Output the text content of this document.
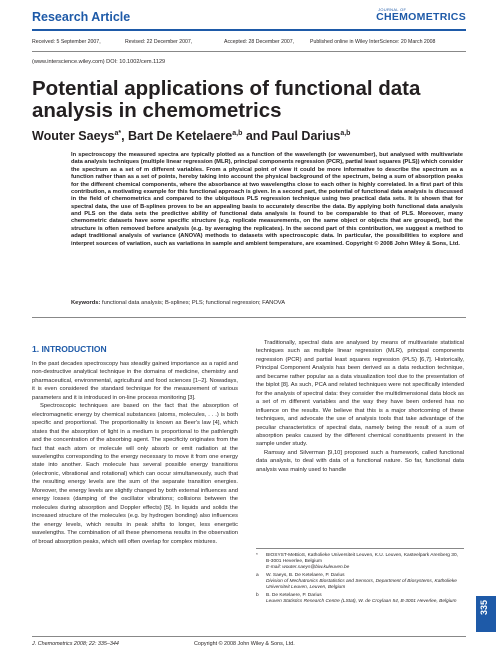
Research Article
JOURNAL OF
CHEMOMETRICS
Received: 5 September 2007,	Revised: 22 December 2007,	Accepted: 28 December 2007,	Published online in Wiley InterScience: 20 March 2008
(www.interscience.wiley.com) DOI: 10.1002/cem.1129
Potential applications of functional data analysis in chemometrics
Wouter Saeys$^{a*}$, Bart De Ketelaere$^{a,b}$ and Paul Darius$^{a,b}$

In spectroscopy the measured spectra are typically plotted as a function of the wavelength (or wavenumber), but analysed with multivariate data analysis techniques (multiple linear regression (MLR), principal components regression (PCR), partial least squares (PLS)) which consider the spectrum as a set of m different variables. From a physical point of view it could be more informative to describe the spectrum as a function rather than as a set of points, hereby taking into account the physical background of the spectrum, being a sum of absorption peaks for the different chemical components, where the absorbance at two wavelengths close to each other is highly correlated. In a first part of this contribution, a motivating example for this functional approach is given. In a second part, the potential of functional data analysis is discussed in the field of chemometrics and compared to the ubiquitous PLS regression technique using two practical data sets. It is shown that for spectral data, the use of B-splines proves to be an appealing basis to accurately describe the data. By applying both functional data analysis and PLS on the data sets the predictive ability of functional data analysis is found to be comparable to that of PLS. Moreover, many chemometric datasets have some specific structure (e.g. replicate measurements, on the same object or objects that are grouped), but the structure is often removed before analysis (e.g. by averaging the replicates). In the second part of this contribution, we suggest a method to adapt traditional analysis of variance (ANOVA) methods to datasets with spectroscopic data. In particular, the possibilities to explore and interpret sources of variation, such as variations in sample and ambient temperature, are examined. Copyright © 2008 John Wiley & Sons, Ltd.

Keywords: functional data analysis; B-splines; PLS; functional regression; FANOVA

1. INTRODUCTION

In the past decades spectroscopy has steadily gained importance as a rapid and non-destructive analytical technique in the domains of medicine, chemistry and pharmaceutical, environmental, agricultural and food sciences [1–2]. Nowadays, it is even considered the standard technique for the measurement of various parameters and it is introduced in on-line process monitoring [3].

Spectroscopic techniques are based on the fact that the absorption of electromagnetic energy by chemical substances (atoms, molecules, . . .) is both specific and proportional. The proportionality is known as Beer's law [4], which states that the absorption of light in a medium is proportional to the pathlength and the concentration of the absorbing agent. The specificity originates from the fact that each atom or molecule will only absorb or emit radiation at the wavelengths corresponding to the energy necessary to move it from one energy state into another. Each molecule has several possible energy transitions (electronic, vibrational and rotational) which can occur simultaneously, such that the resulting energy levels are the sum of the separate transition energies. Moreover, the energy levels are slightly changed by both external influences and energy losses (damping of the oscillator vibrations; collisions between the molecules during absorption and Doppler effects) [5]. In liquids and solids the increased structure of the molecules (e.g. by hydrogen bonding) also influences the energy levels, which results in peak shifts to longer, less energetic wavelengths. The combination of all these phenomena results in the observation of broad absorption peaks, which will often overlap for complex mixtures.

Traditionally, spectral data are analysed by means of multivariate statistical techniques such as multiple linear regression (MLR), principal components regression (PCR) and partial least squares regression (PLS) [6,7]. Historically, Principal Component Analysis has been derived as a data reduction technique, and became rather popular as a data visualization tool due to the presentation of the biplot [8]. As such, PCA and related techniques were not specifically intended for the analysis of spectral data: they consider the multidimensional data block as a set of m different variables and the way they have been ordered has no influence on the results. We believe that this is a major shortcoming of these techniques, and advocate the use of analysis tools that take advantage of the peculiar characteristics of spectral data, namely being the result of a sum of absorption peaks caused by the different chemical constituents present in the sample under study.

Ramsay and Silverman [9,10] proposed such a framework, called functional data analysis, to deal with data of a functional nature. So far, functional data analysis was mainly used to handle

* BIOSYST-MeBioS, Katholieke Universiteit Leuven, K.U. Leuven, Kasteelpark Arenberg 30, B-3001 Heverlee, Belgium
E-mail: wouter.saeys@biw.kuleuven.be
a W. Saeys, B. De Ketelaere, P. Darius
Division of Mechatronics Biostatistics and Sensors, Department of Biosystems, Katholieke Universiteit Leuven, Leuven, Belgium
b B. De Ketelaere, P. Darius
Leuven Statistics Research Centre (LStat), W. de Croylaan 54, B-3001 Heverlee, Belgium	335
J. Chemometrics 2008; 22: 335–344	Copyright © 2008 John Wiley & Sons, Ltd.
